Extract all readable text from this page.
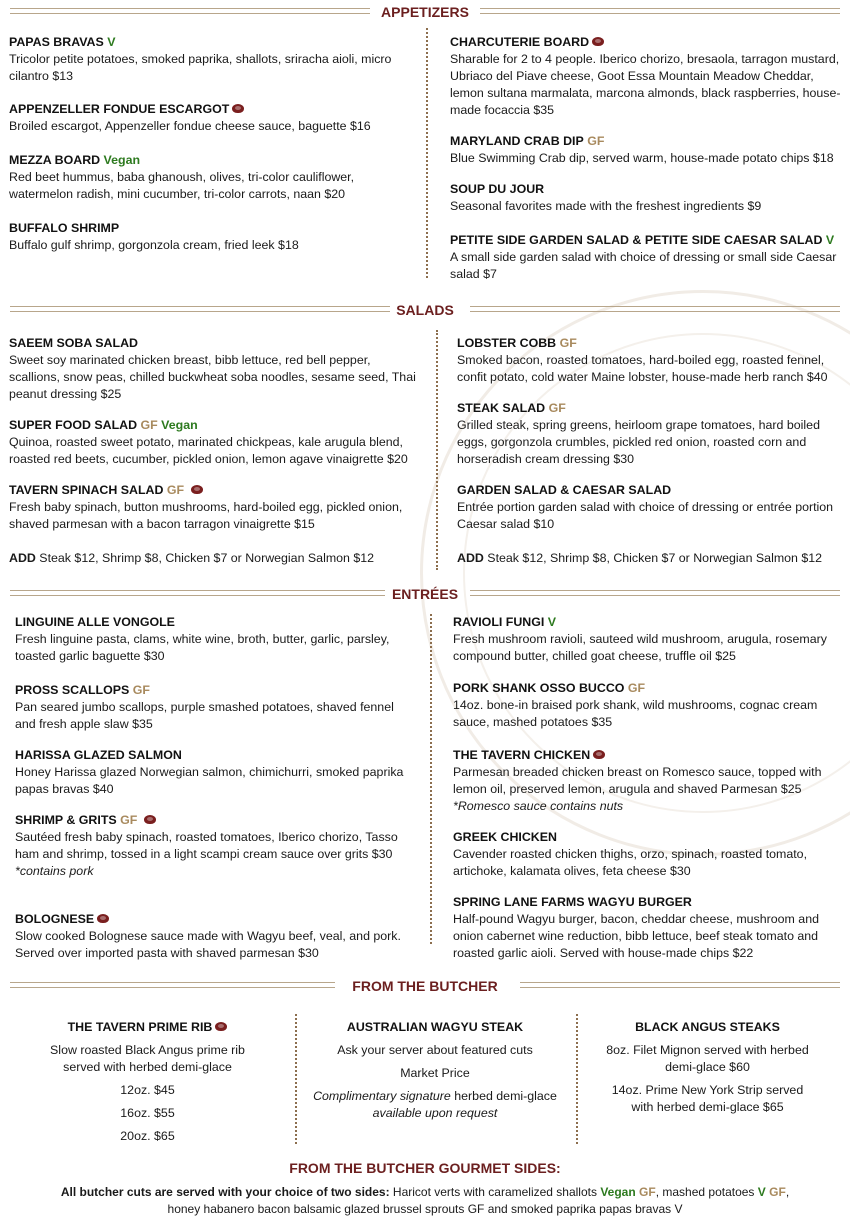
APPETIZERS
PAPAS BRAVAS V
Tricolor petite potatoes, smoked paprika, shallots, sriracha aioli, micro cilantro $13
APPENZELLER FONDUE ESCARGOT
Broiled escargot, Appenzeller fondue cheese sauce, baguette $16
MEZZA BOARD Vegan
Red beet hummus, baba ghanoush, olives, tri-color cauliflower, watermelon radish, mini cucumber, tri-color carrots, naan $20
BUFFALO SHRIMP
Buffalo gulf shrimp, gorgonzola cream, fried leek $18
CHARCUTERIE BOARD
Sharable for 2 to 4 people. Iberico chorizo, bresaola, tarragon mustard, Ubriaco del Piave cheese, Goot Essa Mountain Meadow Cheddar, lemon sultana marmalata, marcona almonds, black raspberries, house-made focaccia $35
MARYLAND CRAB DIP GF
Blue Swimming Crab dip, served warm, house-made potato chips $18
SOUP DU JOUR
Seasonal favorites made with the freshest ingredients $9
PETITE SIDE GARDEN SALAD & PETITE SIDE CAESAR SALAD V
A small side garden salad with choice of dressing or small side Caesar salad $7
SALADS
SAEEM SOBA SALAD
Sweet soy marinated chicken breast, bibb lettuce, red bell pepper, scallions, snow peas, chilled buckwheat soba noodles, sesame seed, Thai peanut dressing $25
SUPER FOOD SALAD GF Vegan
Quinoa, roasted sweet potato, marinated chickpeas, kale arugula blend, roasted red beets, cucumber, pickled onion, lemon agave vinaigrette $20
TAVERN SPINACH SALAD GF
Fresh baby spinach, button mushrooms, hard-boiled egg, pickled onion, shaved parmesan with a bacon tarragon vinaigrette $15
ADD Steak $12, Shrimp $8, Chicken $7 or Norwegian Salmon $12
LOBSTER COBB GF
Smoked bacon, roasted tomatoes, hard-boiled egg, roasted fennel, confit potato, cold water Maine lobster, house-made herb ranch $40
STEAK SALAD GF
Grilled steak, spring greens, heirloom grape tomatoes, hard boiled eggs, gorgonzola crumbles, pickled red onion, roasted corn and horseradish cream dressing $30
GARDEN SALAD & CAESAR SALAD
Entrée portion garden salad with choice of dressing or entrée portion Caesar salad $10
ADD Steak $12, Shrimp $8, Chicken $7 or Norwegian Salmon $12
ENTRÉES
LINGUINE ALLE VONGOLE
Fresh linguine pasta, clams, white wine, broth, butter, garlic, parsley, toasted garlic baguette $30
PROSS SCALLOPS GF
Pan seared jumbo scallops, purple smashed potatoes, shaved fennel and fresh apple slaw $35
HARISSA GLAZED SALMON
Honey Harissa glazed Norwegian salmon, chimichurri, smoked paprika papas bravas $40
SHRIMP & GRITS GF
Sautéed fresh baby spinach, roasted tomatoes, Iberico chorizo, Tasso ham and shrimp, tossed in a light scampi cream sauce over grits $30
*contains pork
BOLOGNESE
Slow cooked Bolognese sauce made with Wagyu beef, veal, and pork. Served over imported pasta with shaved parmesan $30
RAVIOLI FUNGI V
Fresh mushroom ravioli, sauteed wild mushroom, arugula, rosemary compound butter, chilled goat cheese, truffle oil $25
PORK SHANK OSSO BUCCO GF
14oz. bone-in braised pork shank, wild mushrooms, cognac cream sauce, mashed potatoes $35
THE TAVERN CHICKEN
Parmesan breaded chicken breast on Romesco sauce, topped with lemon oil, preserved lemon, arugula and shaved Parmesan $25
*Romesco sauce contains nuts
GREEK CHICKEN
Cavender roasted chicken thighs, orzo, spinach, roasted tomato, artichoke, kalamata olives, feta cheese $30
SPRING LANE FARMS WAGYU BURGER
Half-pound Wagyu burger, bacon, cheddar cheese, mushroom and onion cabernet wine reduction, bibb lettuce, beef steak tomato and roasted garlic aioli. Served with house-made chips $22
FROM THE BUTCHER
THE TAVERN PRIME RIB
Slow roasted Black Angus prime rib served with herbed demi-glace
12oz. $45
16oz. $55
20oz. $65
AUSTRALIAN WAGYU STEAK
Ask your server about featured cuts
Market Price
Complimentary signature herbed demi-glace
available upon request
BLACK ANGUS STEAKS
8oz. Filet Mignon served with herbed demi-glace $60
14oz. Prime New York Strip served with herbed demi-glace $65
FROM THE BUTCHER GOURMET SIDES:
All butcher cuts are served with your choice of two sides: Haricot verts with caramelized shallots Vegan GF, mashed potatoes V GF,
honey habanero bacon balsamic glazed brussel sprouts GF and smoked paprika papas bravas V
